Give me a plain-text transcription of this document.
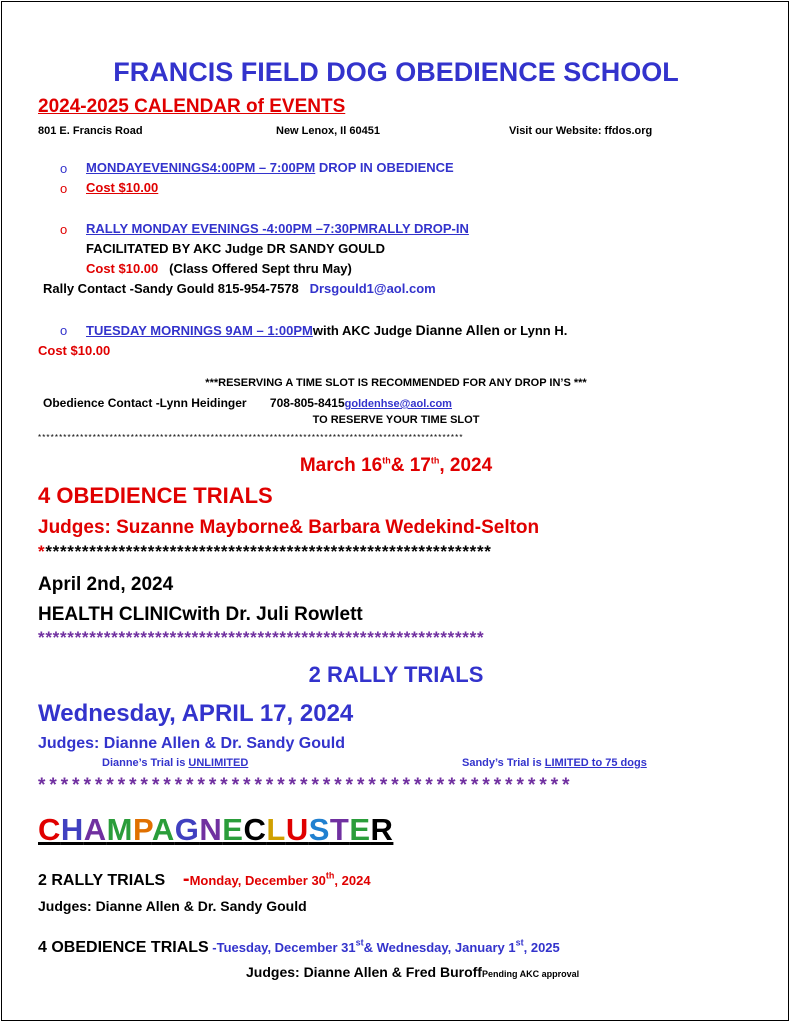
FRANCIS FIELD DOG OBEDIENCE SCHOOL
2024-2025 CALENDAR of EVENTS
801 E. Francis Road	New Lenox, Il 60451	Visit our Website: ffdos.org
o MONDAYEVENINGS4:00PM – 7:00PM DROP IN OBEDIENCE
o Cost $10.00
o RALLY MONDAY EVENINGS -4:00PM –7:30PMRALLY DROP-IN
FACILITATED BY AKC Judge DR SANDY GOULD
Cost $10.00 (Class Offered Sept thru May)
Rally Contact -Sandy Gould 815-954-7578 Drsgould1@aol.com
o TUESDAY MORNINGS 9AM – 1:00PMwith AKC Judge Dianne Allen or Lynn H.
Cost $10.00
***RESERVING A TIME SLOT IS RECOMMENDED FOR ANY DROP IN’S ***
Obedience Contact -Lynn Heidinger 708-805-8415goldenhse@aol.com
TO RESERVE YOUR TIME SLOT
*****************************************************************************************************
March 16th& 17th, 2024
4 OBEDIENCE TRIALS
Judges: Suzanne Mayborne& Barbara Wedekind-Selton
**************************************************************
April 2nd, 2024
HEALTH CLINICwith Dr. Juli Rowlett
*************************************************************
2 RALLY TRIALS
Wednesday, APRIL 17, 2024
Judges: Dianne Allen & Dr. Sandy Gould
Dianne’s Trial is UNLIMITED	Sandy’s Trial is LIMITED to 75 dogs
***********************************************
CHAMPAGNECLUSTER
2 RALLY TRIALS -Monday, December 30th, 2024
Judges: Dianne Allen & Dr. Sandy Gould
4 OBEDIENCE TRIALS -Tuesday, December 31st& Wednesday, January 1st, 2025
Judges: Dianne Allen & Fred BuroffPending AKC approval
